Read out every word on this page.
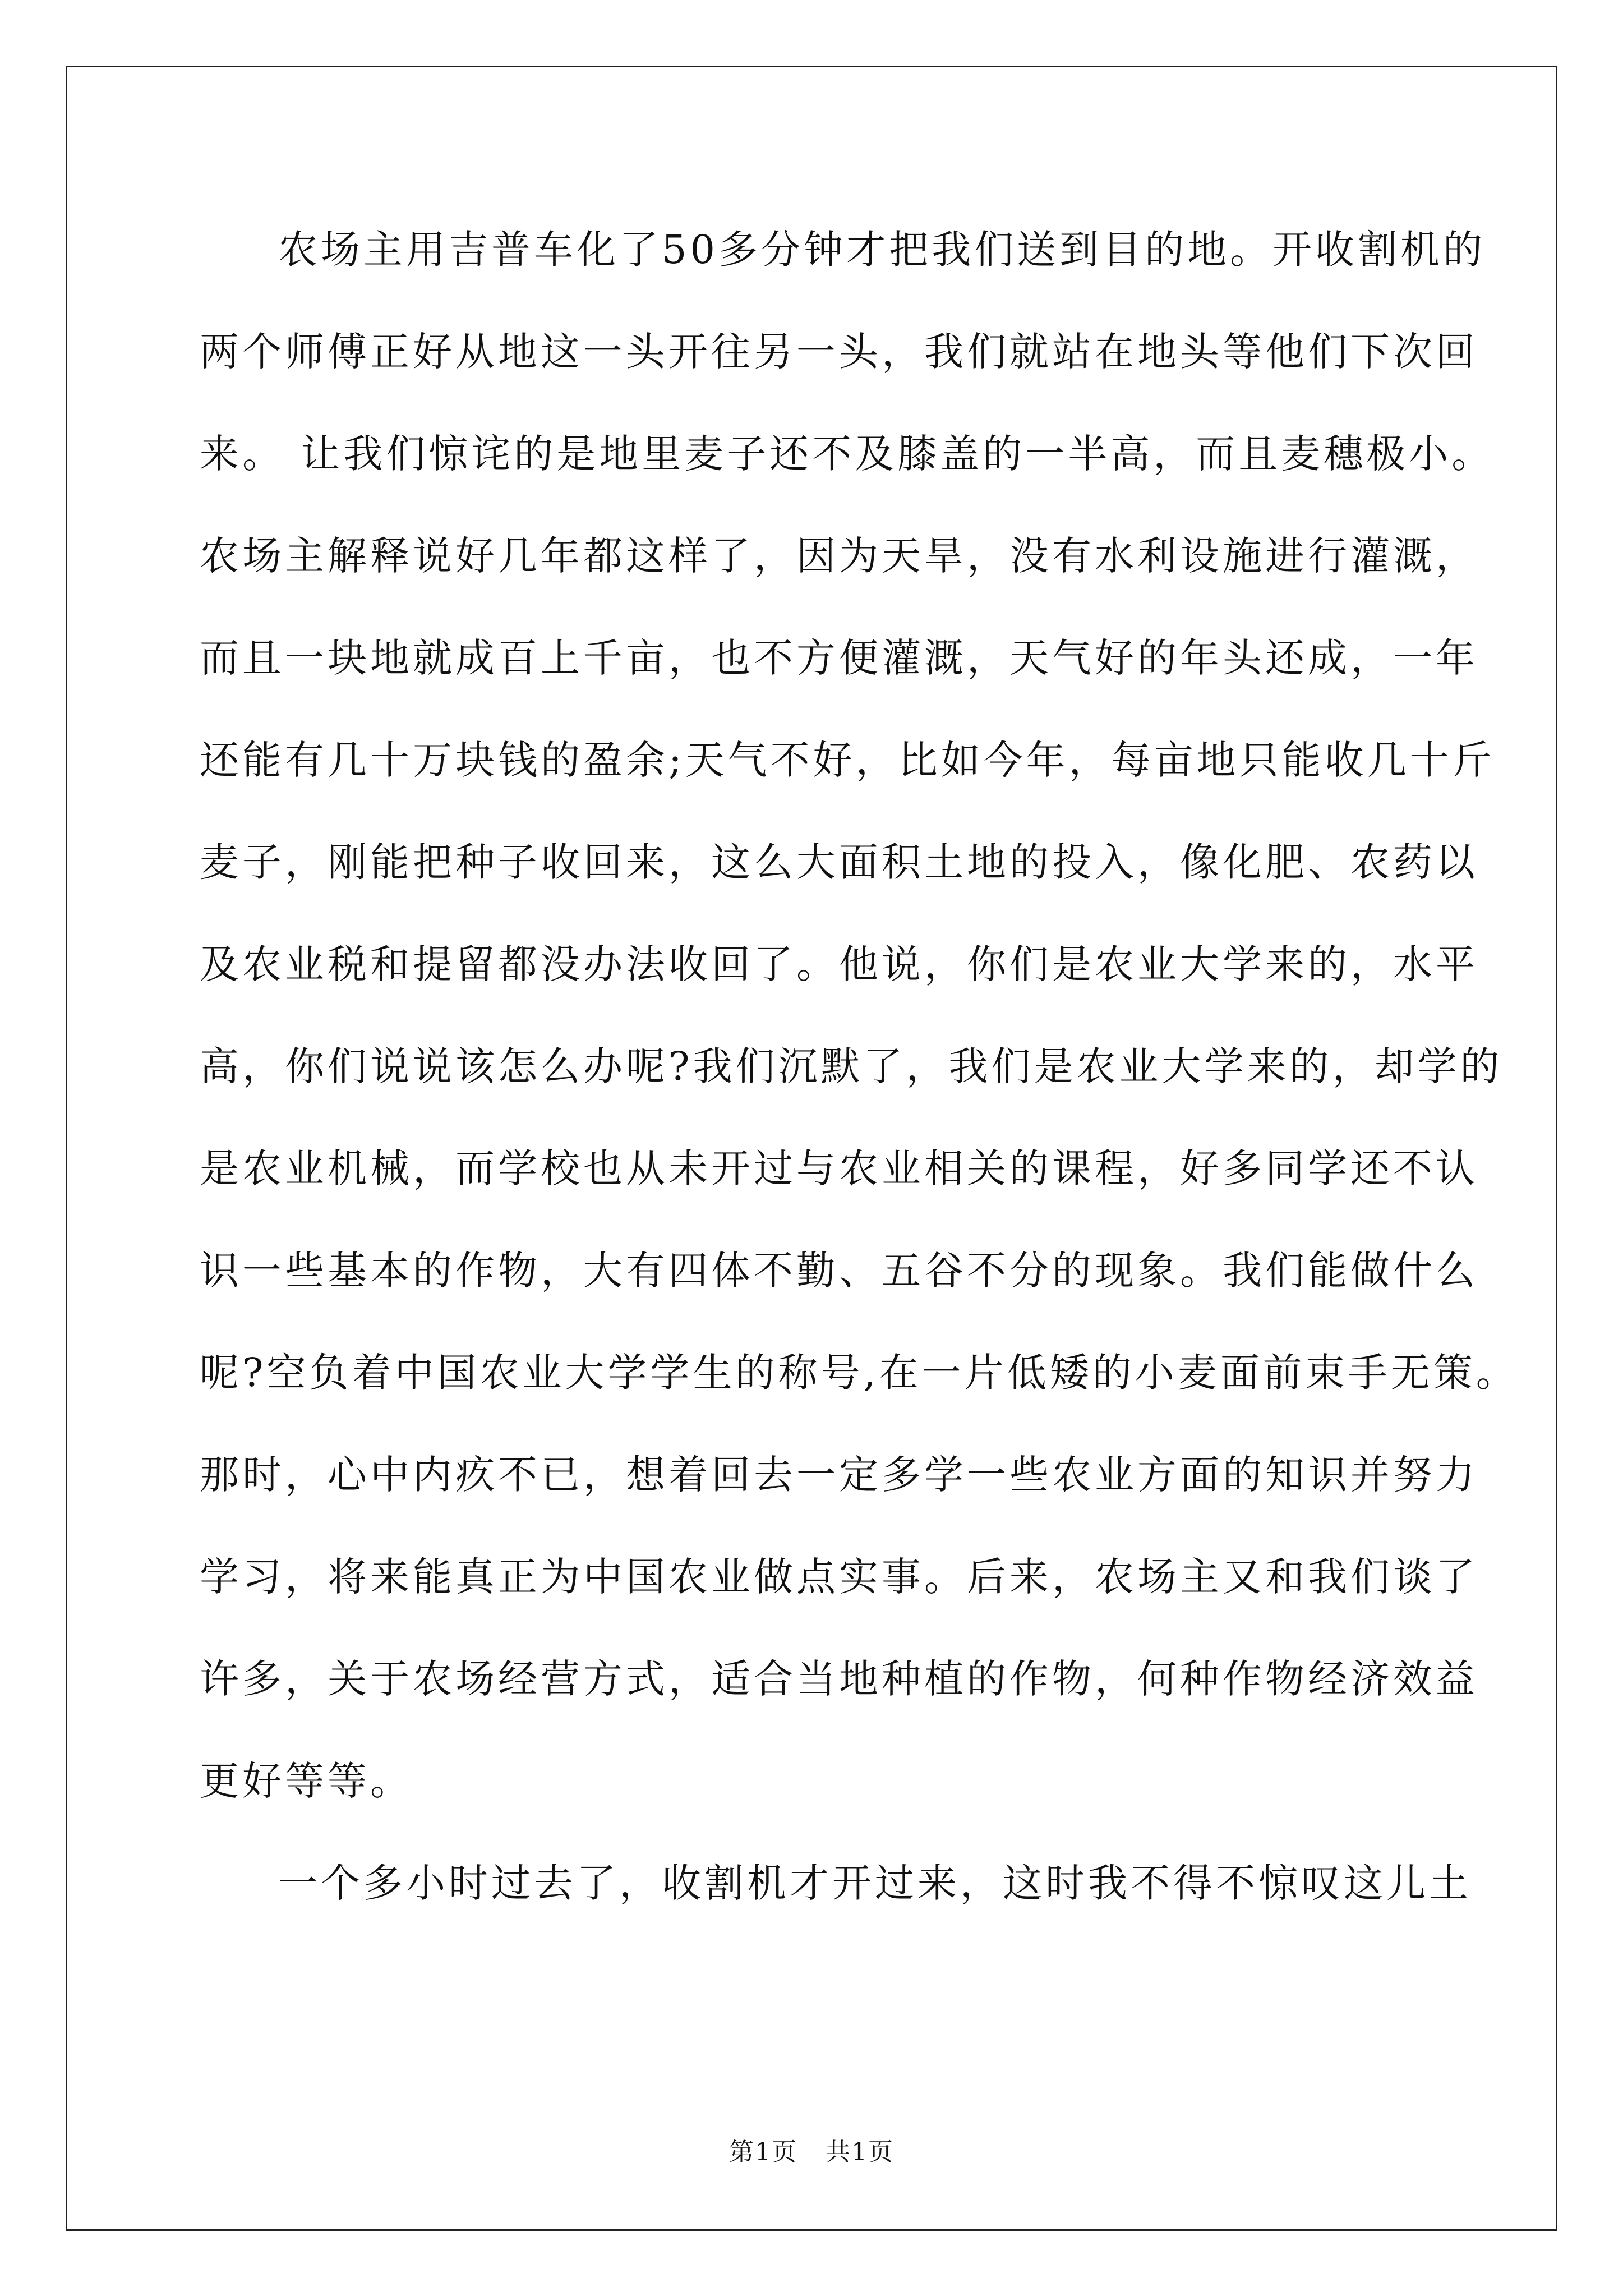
农场主用吉普车化了50多分钟才把我们送到目的地。开收割机的
两个师傅正好从地这一头开往另一头，我们就站在地头等他们下次回
来。 让我们惊诧的是地里麦子还不及膝盖的一半高，而且麦穗极小。
农场主解释说好几年都这样了，因为天旱，没有水利设施进行灌溉，
而且一块地就成百上千亩，也不方便灌溉，天气好的年头还成，一年
还能有几十万块钱的盈余;天气不好，比如今年，每亩地只能收几十斤
麦子，刚能把种子收回来，这么大面积土地的投入，像化肥、农药以
及农业税和提留都没办法收回了。他说，你们是农业大学来的，水平
高，你们说说该怎么办呢?我们沉默了，我们是农业大学来的，却学的
是农业机械，而学校也从未开过与农业相关的课程，好多同学还不认
识一些基本的作物，大有四体不勤、五谷不分的现象。我们能做什么
呢?空负着中国农业大学学生的称号,在一片低矮的小麦面前束手无策。
那时，心中内疚不已，想着回去一定多学一些农业方面的知识并努力
学习，将来能真正为中国农业做点实事。后来，农场主又和我们谈了
许多，关于农场经营方式，适合当地种植的作物，何种作物经济效益
更好等等。
一个多小时过去了，收割机才开过来，这时我不得不惊叹这儿土
第1页 共1页
